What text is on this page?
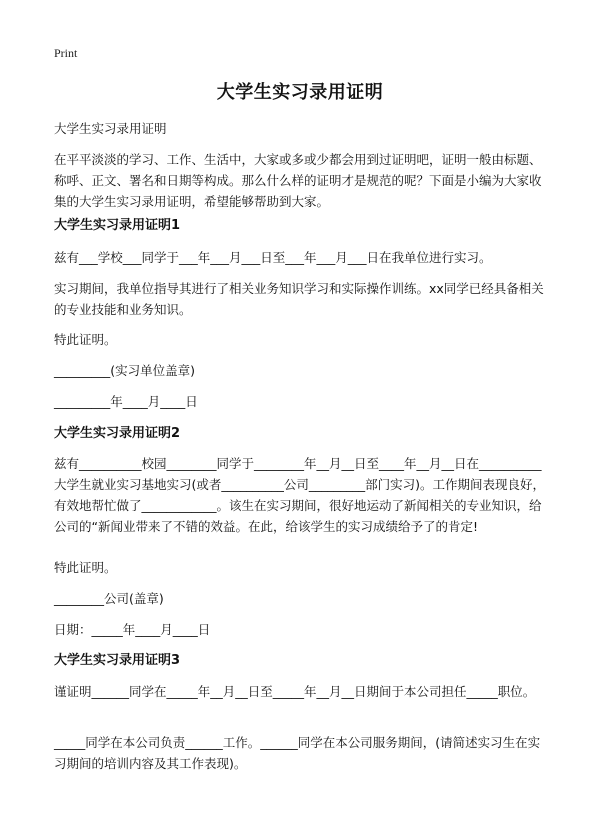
Print
大学生实习录用证明
大学生实习录用证明
在平平淡淡的学习、工作、生活中，大家或多或少都会用到过证明吧，证明一般由标题、称呼、正文、署名和日期等构成。那么什么样的证明才是规范的呢？下面是小编为大家收集的大学生实习录用证明，希望能够帮助到大家。
大学生实习录用证明1
兹有___学校___同学于___年___月___日至___年___月___日在我单位进行实习。
实习期间，我单位指导其进行了相关业务知识学习和实际操作训练。xx同学已经具备相关的专业技能和业务知识。
特此证明。
_________(实习单位盖章)
_________年____月____日
大学生实习录用证明2
兹有__________校园________同学于________年__月__日至____年__月__日在__________大学生就业实习基地实习(或者__________公司_________部门实习)。工作期间表现良好，有效地帮忙做了____________。该生在实习期间，很好地运动了新闻相关的专业知识，给公司的“新闻业带来了不错的效益。在此，给该学生的实习成绩给予了的肯定!
特此证明。
________公司(盖章)
日期：_____年____月____日
大学生实习录用证明3
谨证明______同学在_____年__月__日至_____年__月__日期间于本公司担任_____职位。
_____同学在本公司负责______工作。______同学在本公司服务期间，(请简述实习生在实习期间的培训内容及其工作表现)。
